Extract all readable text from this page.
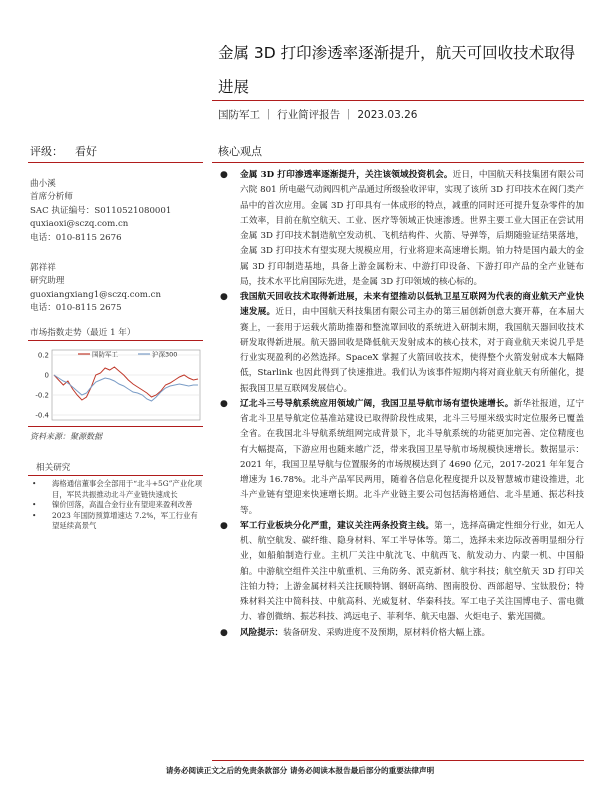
金属 3D 打印渗透率逐渐提升，航天可回收技术取得
进展
国防军工 ｜ 行业简评报告 ｜ 2023.03.26
评级： 看好	核心观点
曲小溪
首席分析师
SAC 执证编号：S0110521080001
quxiaoxi@sczq.com.cn
电话：010-8115 2676
郭祥祥
研究助理
guoxiangxiang1@sczq.com.cn
电话：010-8115 2675
市场指数走势（最近 1 年）
0.2
0
-0.2
-0.4
国防军工	沪深300
资料来源：聚源数据
相关研究
•	海格通信董事会全部用于“北斗+5G”产业化项目，军民共振推动北斗产业链快速成长
•	镍价回落，高温合金行业有望迎来盈利改善
•	2023 年国防预算增速达 7.2%，军工行业有望延续高景气

● 金属 3D 打印渗透率逐渐提升，关注该领域投资机会。近日，中国航天科技集团有限公司六院 801 所电磁气动阀四机产品通过所级验收评审，实现了该所 3D 打印技术在阀门类产品中的首次应用。金属 3D 打印具有一体成形的特点，减重的同时还可提升复杂零件的加工效率，目前在航空航天、工业、医疗等领域正快速渗透。世界主要工业大国正在尝试用金属 3D 打印技术制造航空发动机、飞机结构件、火箭、导弹等，后期随验证结果落地，金属 3D 打印技术有望实现大规模应用，行业将迎来高速增长期。铂力特是国内最大的金属 3D 打印制造基地，具备上游金属粉末、中游打印设备、下游打印产品的全产业链布局，技术水平比肩国际先进，是金属 3D 打印领域的核心标的。

● 我国航天回收技术取得新进展，未来有望推动以低轨卫星互联网为代表的商业航天产业快速发展。近日，由中国航天科技集团有限公司主办的第三届创新创意大赛开幕，在本届大赛上，一套用于运载火箭助推器和整流罩回收的系统进入研制末期，我国航天器回收技术研发取得新进展。航天器回收是降低航天发射成本的核心技术，对于商业航天来说几乎是行业实现盈利的必然选择。SpaceX 掌握了火箭回收技术，使得整个火箭发射成本大幅降低，Starlink 也因此得到了快速推进。我们认为该事件短期内将对商业航天有所催化，提振我国卫星互联网发展信心。

● 辽北斗三号导航系统应用领域广阔，我国卫星导航市场有望快速增长。新华社报道，辽宁省北斗卫星导航定位基准站建设已取得阶段性成果，北斗三号厘米级实时定位服务已覆盖全省。在我国北斗导航系统组网完成背景下，北斗导航系统的功能更加完善、定位精度也有大幅提高，下游应用也随来越广泛，带来我国卫星导航市场规模快速增长。数据显示：2021 年，我国卫星导航与位置服务的市场规模达到了 4690 亿元，2017-2021 年年复合增速为 16.78%。北斗产品军民两用，随着各信息化程度提升以及智慧城市建设推进，北斗产业链有望迎来快速增长期。北斗产业链主要公司包括海格通信、北斗星通、振芯科技等。

● 军工行业板块分化严重，建议关注两条投资主线。第一，选择高确定性细分行业，如无人机、航空航发、碳纤维、隐身材料、军工半导体等。第二，选择未来边际改善明显细分行业，如船舶制造行业。主机厂关注中航沈飞、中航西飞、航发动力、内蒙一机、中国船舶。中游航空组件关注中航重机、三角防务、派克新材、航宇科技；航空航天 3D 打印关注铂力特；上游金属材料关注抚顺特钢、钢研高纳、图南股份、西部超导、宝钛股份；特殊材料关注中简科技、中航高科、光威复材、华秦科技。军工电子关注国博电子、雷电微力、睿创微纳、振芯科技、鸿远电子、菲利华、航天电器、火炬电子、紫光国微。

● 风险提示：装备研发、采购进度不及预期，原材料价格大幅上涨。

请务必阅读正文之后的免责条款部分 请务必阅读本报告最后部分的重要法律声明
